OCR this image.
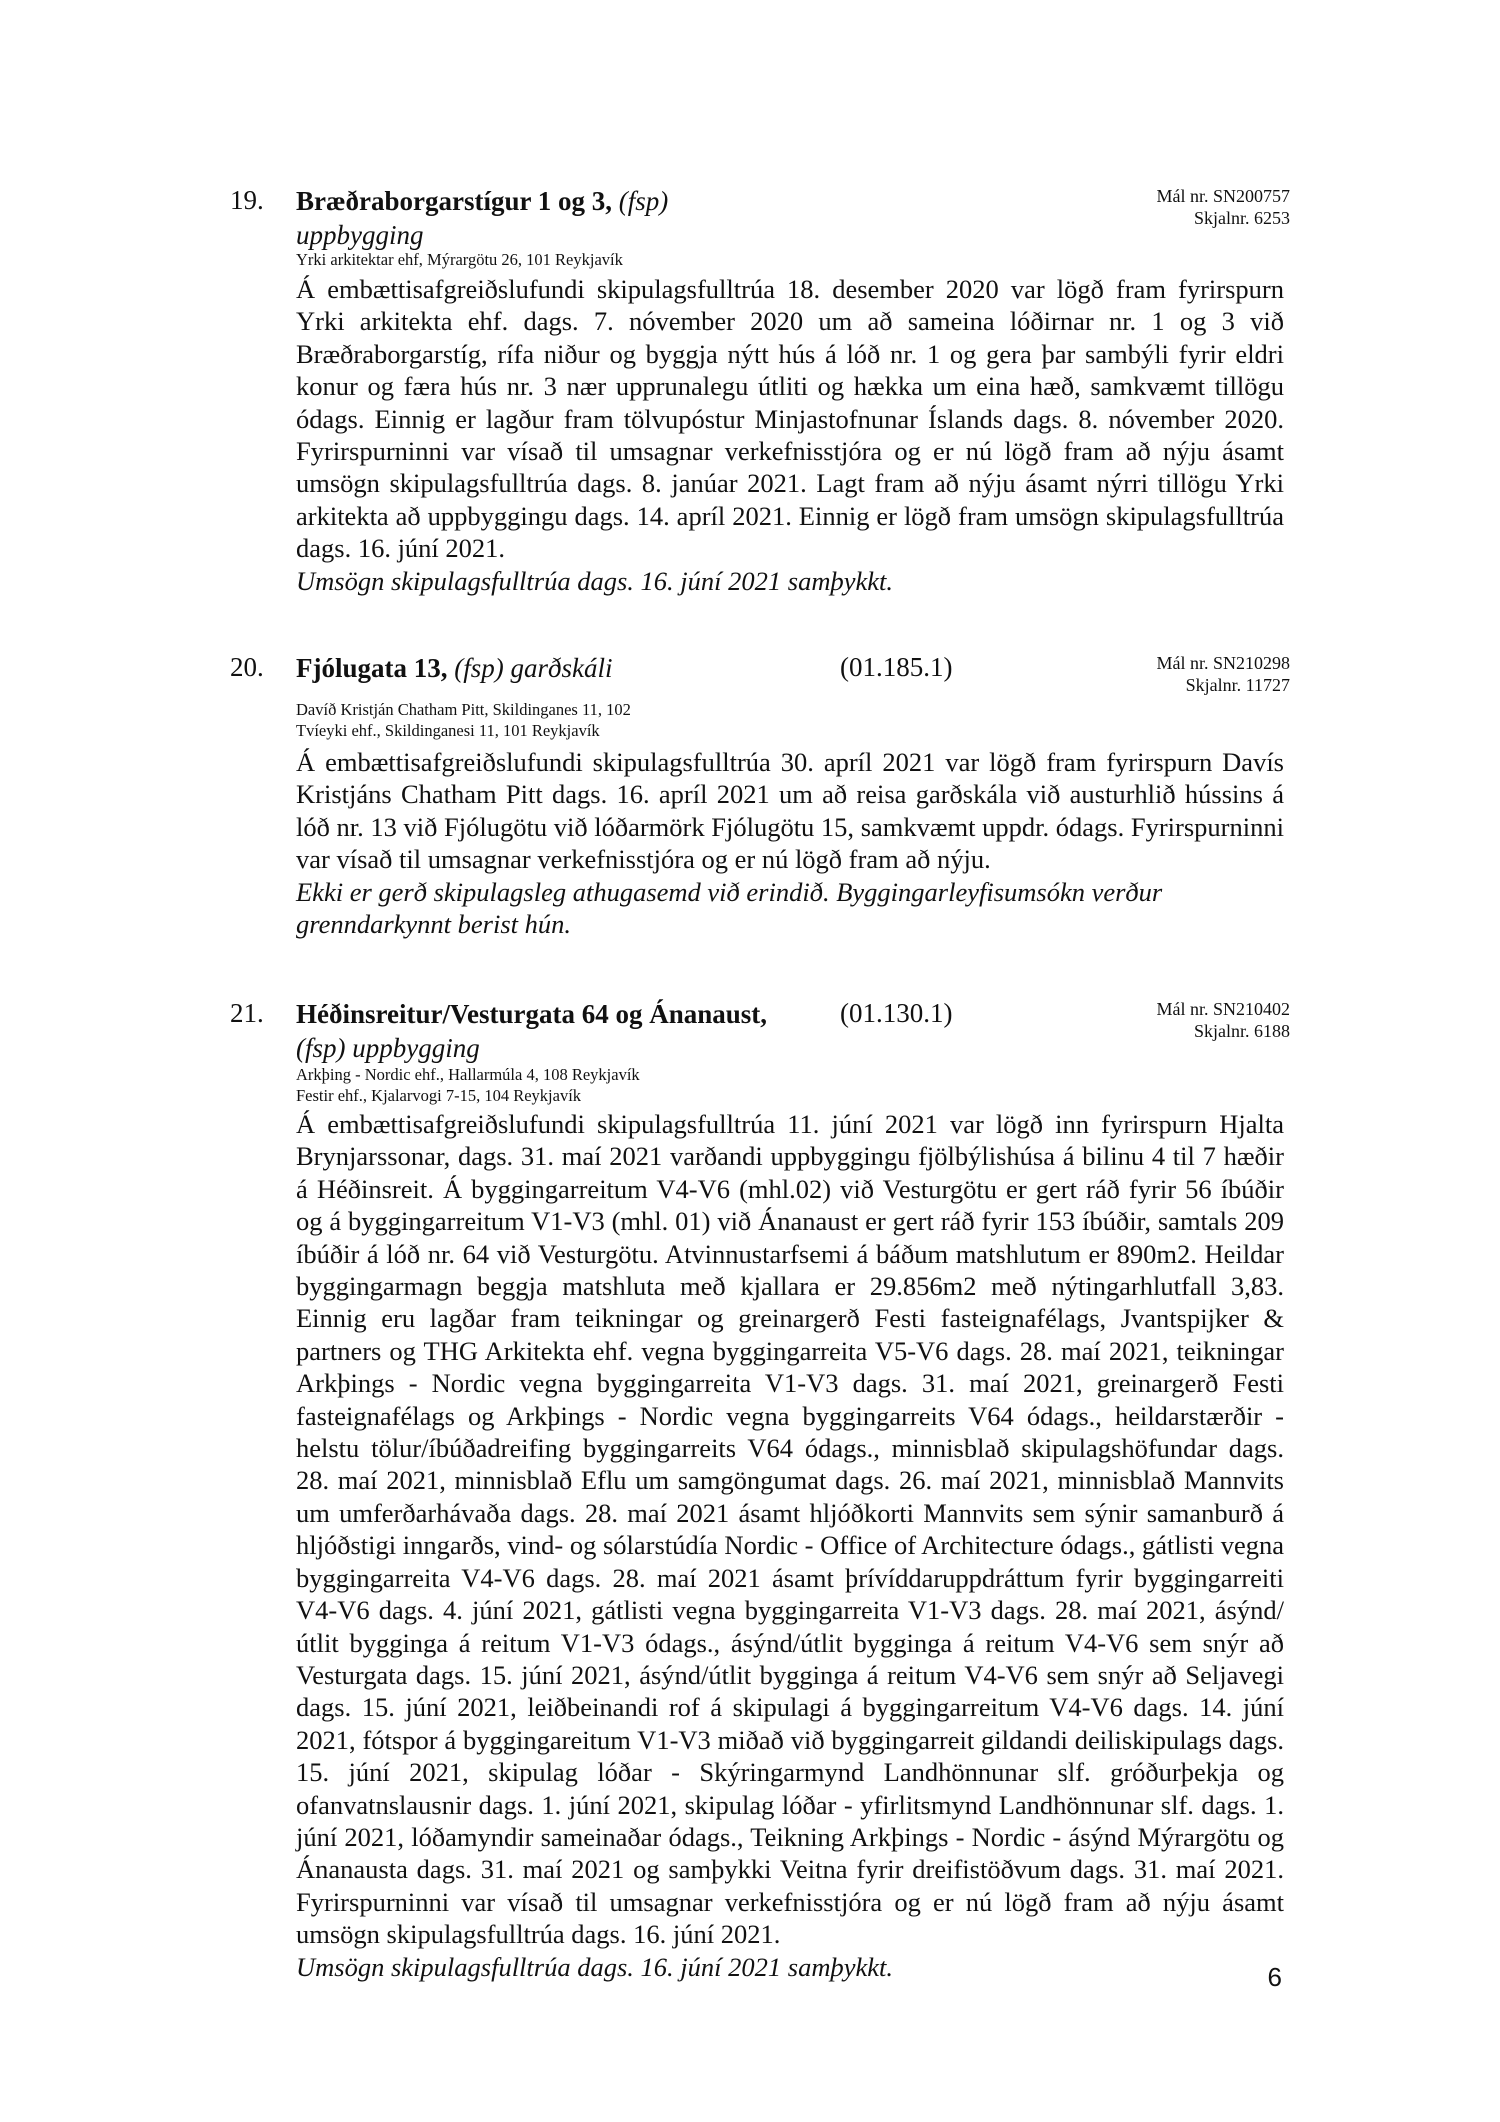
19. Bræðraborgarstígur 1 og 3, (fsp)
uppbygging
Mál nr. SN200757
Skjalnr. 6253
Yrki arkitektar ehf, Mýrargötu 26, 101 Reykjavík

Á embættisafgreiðslufundi skipulagsfulltrúa 18. desember 2020 var lögð fram fyrirspurn Yrki arkitekta ehf. dags. 7. nóvember 2020 um að sameina lóðirnar nr. 1 og 3 við Bræðraborgarstíg, rífa niður og byggja nýtt hús á lóð nr. 1 og gera þar sambýli fyrir eldri konur og færa hús nr. 3 nær upprunalegu útliti og hækka um eina hæð, samkvæmt tillögu ódags. Einnig er lagður fram tölvupóstur Minjastofnunar Íslands dags. 8. nóvember 2020. Fyrirspurninni var vísað til umsagnar verkefnisstjóra og er nú lögð fram að nýju ásamt umsögn skipulagsfulltrúa dags. 8. janúar 2021. Lagt fram að nýju ásamt nýrri tillögu Yrki arkitekta að uppbyggingu dags. 14. apríl 2021. Einnig er lögð fram umsögn skipulagsfulltrúa dags. 16. júní 2021.

Umsögn skipulagsfulltrúa dags. 16. júní 2021 samþykkt.

20. Fjólugata 13, (fsp) garðskáli	(01.185.1)	Mál nr. SN210298
Skjalnr. 11727
Davíð Kristján Chatham Pitt, Skildinganes 11, 102
Tvíeyki ehf., Skildinganesi 11, 101 Reykjavík

Á embættisafgreiðslufundi skipulagsfulltrúa 30. apríl 2021 var lögð fram fyrirspurn Davís Kristjáns Chatham Pitt dags. 16. apríl 2021 um að reisa garðskála við austurhlið hússins á lóð nr. 13 við Fjólugötu við lóðarmörk Fjólugötu 15, samkvæmt uppdr. ódags. Fyrirspurninni var vísað til umsagnar verkefnisstjóra og er nú lögð fram að nýju.

Ekki er gerð skipulagsleg athugasemd við erindið. Byggingarleyfisumsókn verður grenndarkynnt berist hún.

21. Héðinsreitur/Vesturgata 64 og Ánanaust,	(01.130.1)
(fsp) uppbygging
Mál nr. SN210402
Skjalnr. 6188
Arkþing - Nordic ehf., Hallarmúla 4, 108 Reykjavík
Festir ehf., Kjalarvogi 7-15, 104 Reykjavík

Á embættisafgreiðslufundi skipulagsfulltrúa 11. júní 2021 var lögð inn fyrirspurn Hjalta Brynjarssonar, dags. 31. maí 2021 varðandi uppbyggingu fjölbýlishúsa á bilinu 4 til 7 hæðir á Héðinsreit. Á byggingarreitum V4-V6 (mhl.02) við Vesturgötu er gert ráð fyrir 56 íbúðir og á byggingarreitum V1-V3 (mhl. 01) við Ánanaust er gert ráð fyrir 153 íbúðir, samtals 209 íbúðir á lóð nr. 64 við Vesturgötu. Atvinnustarfsemi á báðum matshlutum er 890m2. Heildar byggingarmagn beggja matshluta með kjallara er 29.856m2 með nýtingarhlutfall 3,83. Einnig eru lagðar fram teikningar og greinargerð Festi fasteignafélags, Jvantspijker & partners og THG Arkitekta ehf. vegna byggingarreita V5-V6 dags. 28. maí 2021, teikningar Arkþings - Nordic vegna byggingarreita V1-V3 dags. 31. maí 2021, greinargerð Festi fasteignafélags og Arkþings - Nordic vegna byggingarreits V64 ódags., heildarstærðir - helstu tölur/íbúðadreifing byggingarreits V64 ódags., minnisblað skipulagshöfundar dags. 28. maí 2021, minnisblað Eflu um samgöngumat dags. 26. maí 2021, minnisblað Mannvits um umferðarhávaða dags. 28. maí 2021 ásamt hljóðkorti Mannvits sem sýnir samanburð á hljóðstigi inngarðs, vind- og sólarstúdía Nordic - Office of Architecture ódags., gátlisti vegna byggingarreita V4-V6 dags. 28. maí 2021 ásamt þrívíddaruppdráttum fyrir byggingarreiti V4-V6 dags. 4. júní 2021, gátlisti vegna byggingarreita V1-V3 dags. 28. maí 2021, ásýnd/útlit bygginga á reitum V1-V3 ódags., ásýnd/útlit bygginga á reitum V4-V6 sem snýr að Vesturgata dags. 15. júní 2021, ásýnd/útlit bygginga á reitum V4-V6 sem snýr að Seljavegi dags. 15. júní 2021, leiðbeinandi rof á skipulagi á byggingarreitum V4-V6 dags. 14. júní 2021, fótspor á byggingareitum V1-V3 miðað við byggingarreit gildandi deiliskipulags dags. 15. júní 2021, skipulag lóðar - Skýringarmynd Landhönnunar slf. gróðurþekja og ofanvatnslausnir dags. 1. júní 2021, skipulag lóðar - yfirlitsmynd Landhönnunar slf. dags. 1. júní 2021, lóðamyndir sameinaðar ódags., Teikning Arkþings - Nordic - ásýnd Mýrargötu og Ánanausta dags. 31. maí 2021 og samþykki Veitna fyrir dreifistöðvum dags. 31. maí 2021. Fyrirspurninni var vísað til umsagnar verkefnisstjóra og er nú lögð fram að nýju ásamt umsögn skipulagsfulltrúa dags. 16. júní 2021.

Umsögn skipulagsfulltrúa dags. 16. júní 2021 samþykkt.	6
